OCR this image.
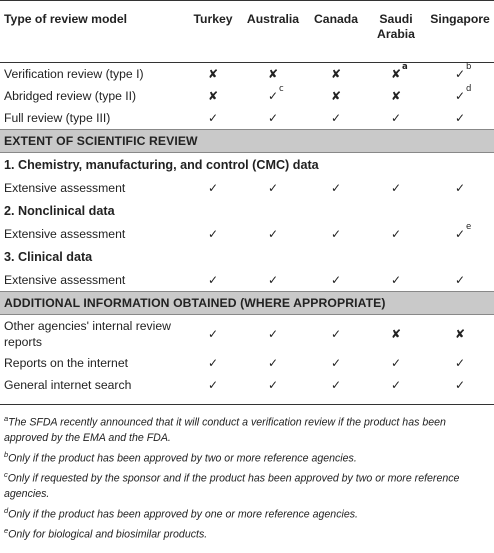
Type of review model	Turkey	Australia	Canada	Saudi Arabia	Singapore
Verification review (type I)	✘	✘	✘	✘ a	✓ b

Abridged review (type II)	✘	✓ c	✘	✘	✓ d

Full review (type III)	✓	✓	✓	✓	✓
EXTENT OF SCIENTIFIC REVIEW					
1. Chemistry, manufacturing, and control (CMC) data					
Extensive assessment	✓	✓	✓	✓	✓
2. Nonclinical data					
Extensive assessment	✓	✓	✓	✓	✓ e

3. Clinical data					
Extensive assessment	✓	✓	✓	✓	✓
ADDITIONAL INFORMATION OBTAINED (WHERE APPROPRIATE)					
Other agencies' internal review reports	✓	✓	✓	✘	✘
Reports on the internet	✓	✓	✓	✓	✓
General internet search	✓	✓	✓	✓	✓
$^a$The SFDA recently announced that it will conduct a verification review if the product has been approved by the EMA and the FDA.
$^b$Only if the product has been approved by two or more reference agencies.
$^c$Only if requested by the sponsor and if the product has been approved by two or more reference agencies.
$^d$Only if the product has been approved by one or more reference agencies.
$^e$Only for biological and biosimilar products.
